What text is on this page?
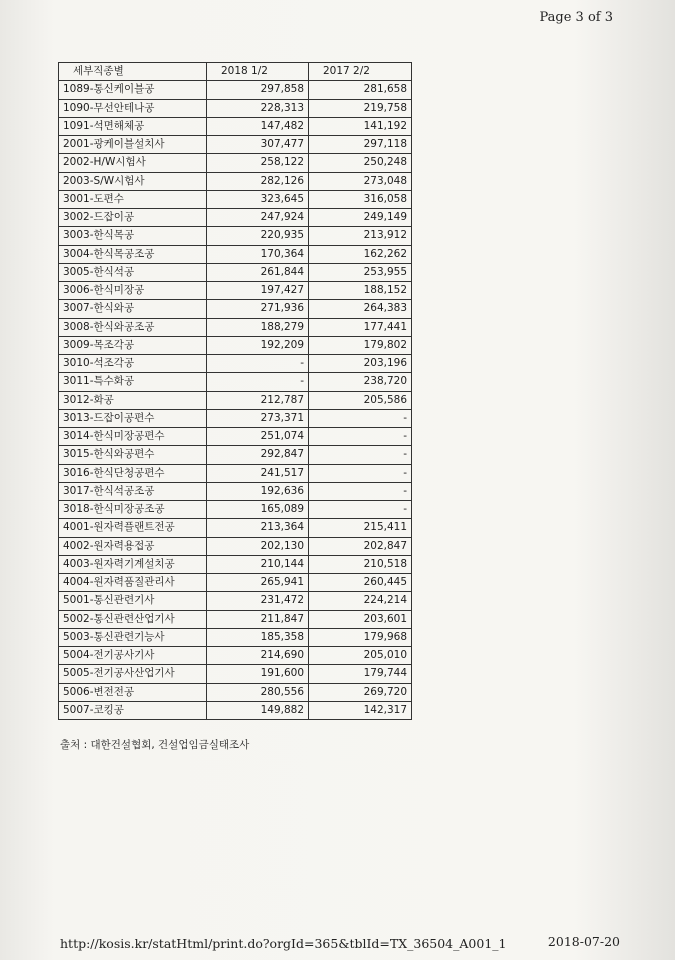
Page 3 of 3
세부직종별	2018 1/2	2017 2/2
1089-통신케이블공	297,858	281,658
1090-무선안테나공	228,313	219,758
1091-석면해체공	147,482	141,192
2001-광케이블설치사	307,477	297,118
2002-H/W시험사	258,122	250,248
2003-S/W시험사	282,126	273,048
3001-도편수	323,645	316,058
3002-드잡이공	247,924	249,149
3003-한식목공	220,935	213,912
3004-한식목공조공	170,364	162,262
3005-한식석공	261,844	253,955
3006-한식미장공	197,427	188,152
3007-한식와공	271,936	264,383
3008-한식와공조공	188,279	177,441
3009-목조각공	192,209	179,802
3010-석조각공	-	203,196
3011-특수화공	-	238,720
3012-화공	212,787	205,586
3013-드잡이공편수	273,371	-
3014-한식미장공편수	251,074	-
3015-한식와공편수	292,847	-
3016-한식단청공편수	241,517	-
3017-한식석공조공	192,636	-
3018-한식미장공조공	165,089	-
4001-원자력플랜트전공	213,364	215,411
4002-원자력용접공	202,130	202,847
4003-원자력기계설치공	210,144	210,518
4004-원자력품질관리사	265,941	260,445
5001-통신관련기사	231,472	224,214
5002-통신관련산업기사	211,847	203,601
5003-통신관련기능사	185,358	179,968
5004-전기공사기사	214,690	205,010
5005-전기공사산업기사	191,600	179,744
5006-변전전공	280,556	269,720
5007-코킹공	149,882	142,317
출처 : 대한건설협회, 건설업임금실태조사
http://kosis.kr/statHtml/print.do?orgId=365&tblId=TX_36504_A001_1	2018-07-20
